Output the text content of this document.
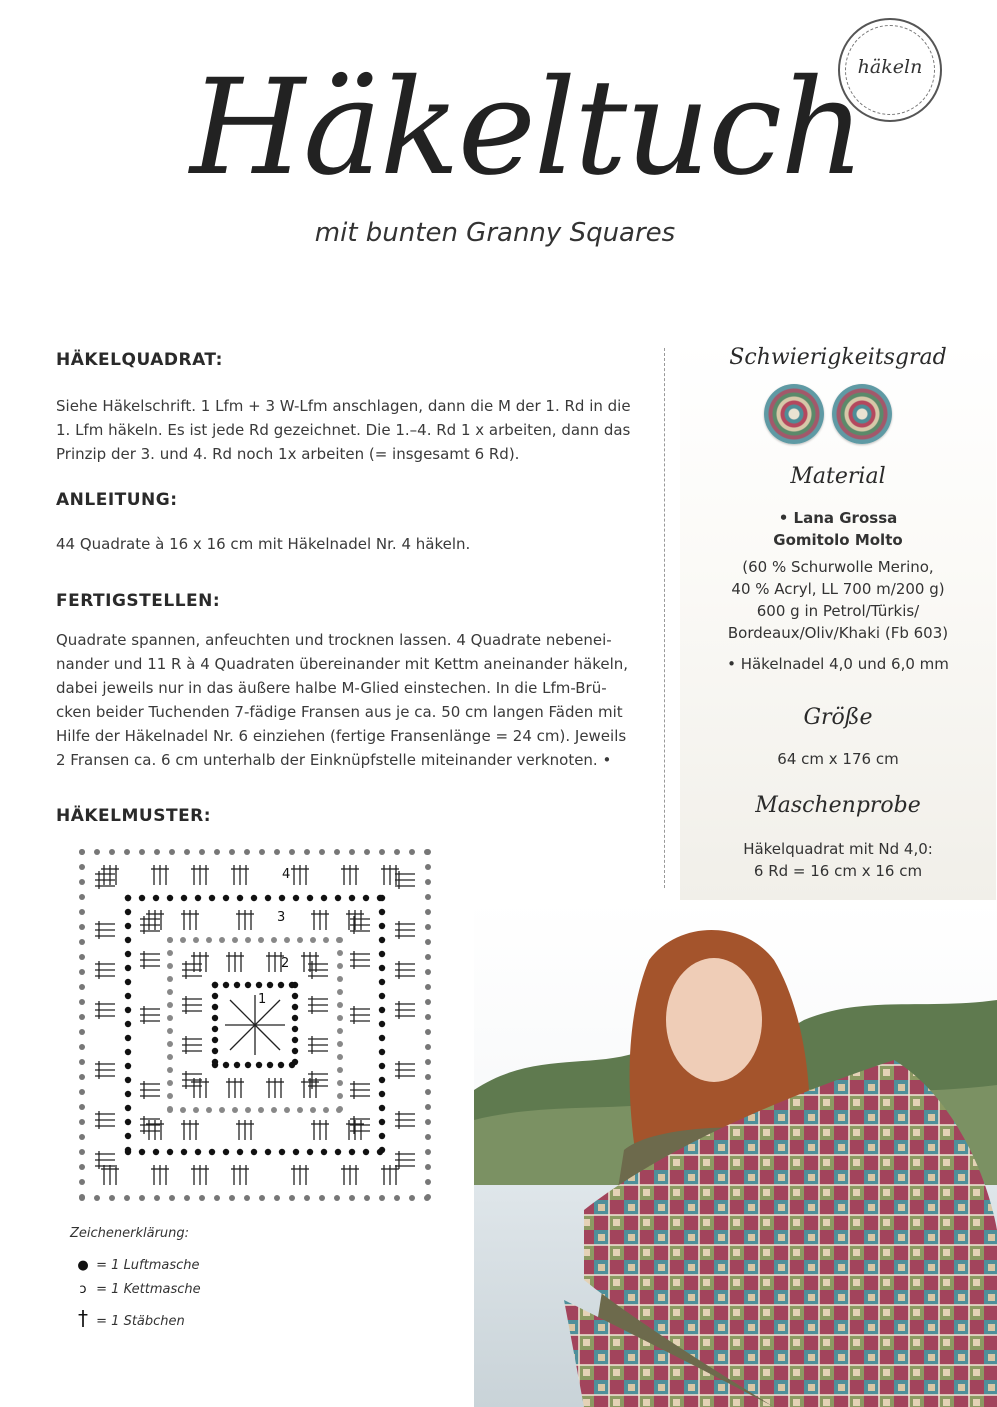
häkeln
Häkeltuch
mit bunten Granny Squares
HÄKELQUADRAT:
Siehe Häkelschrift. 1 Lfm + 3 W-Lfm anschlagen, dann die M der 1. Rd in die
1. Lfm häkeln. Es ist jede Rd gezeichnet. Die 1.–4. Rd 1 x arbeiten, dann das
Prinzip der 3. und 4. Rd noch 1x arbeiten (= insgesamt 6 Rd).
ANLEITUNG:
44 Quadrate à 16 x 16 cm mit Häkelnadel Nr. 4 häkeln.
FERTIGSTELLEN:
Quadrate spannen, anfeuchten und trocknen lassen. 4 Quadrate nebenei-
nander und 11 R à 4 Quadraten übereinander mit Kettm aneinander häkeln,
dabei jeweils nur in das äußere halbe M-Glied einstechen. In die Lfm-Brü-
cken beider Tuchenden 7-fädige Fransen aus je ca. 50 cm langen Fäden mit
Hilfe der Häkelnadel Nr. 6 einziehen (fertige Fransenlänge = 24 cm). Jeweils
2 Fransen ca. 6 cm unterhalb der Einknüpfstelle miteinander verknoten. •
HÄKELMUSTER:
1
2
3
4
Zeichenerklärung:
● = 1 Luftmasche
ↄ = 1 Kettmasche
† = 1 Stäbchen
Schwierigkeitsgrad
Material
• Lana Grossa
Gomitolo Molto
(60 % Schurwolle Merino,
40 % Acryl, LL 700 m/200 g)
600 g in Petrol/Türkis/
Bordeaux/Oliv/Khaki (Fb 603)
• Häkelnadel 4,0 und 6,0 mm
Größe
64 cm x 176 cm
Maschenprobe
Häkelquadrat mit Nd 4,0:
6 Rd = 16 cm x 16 cm
